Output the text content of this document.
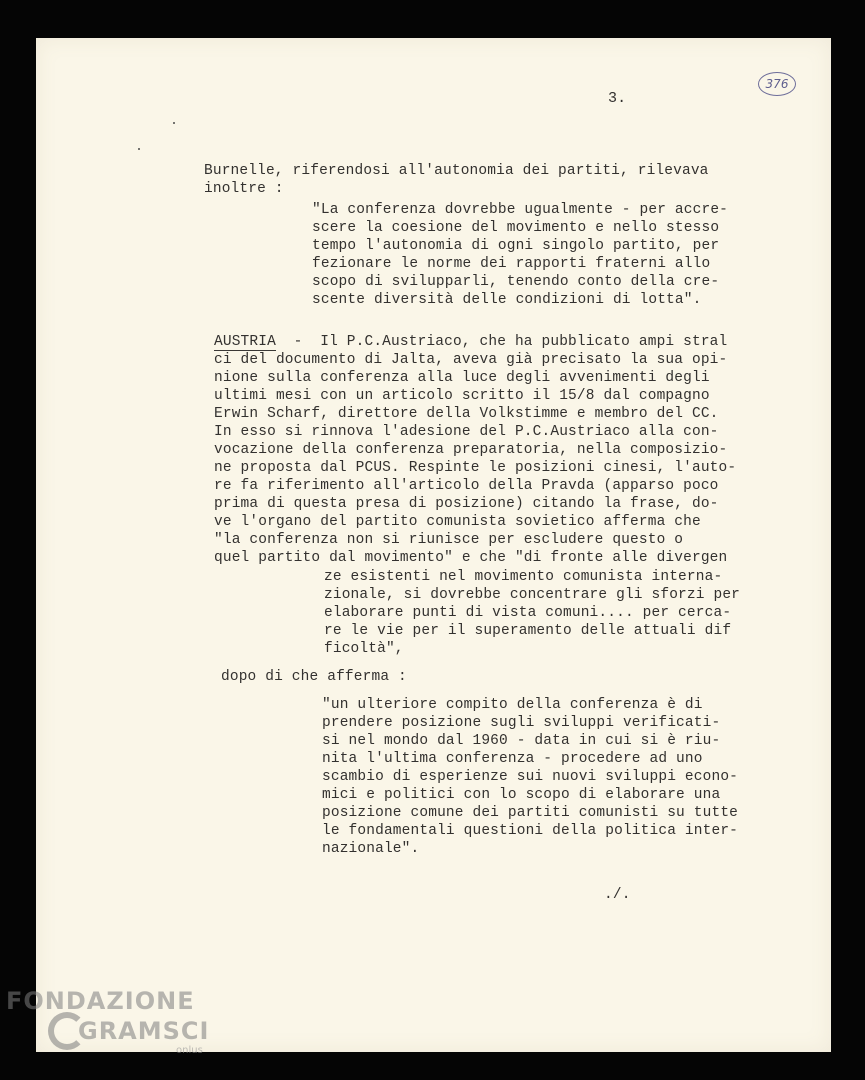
3.

376

Burnelle, riferendosi all'autonomia dei partiti, rilevava

inoltre :

"La conferenza dovrebbe ugualmente - per accre-

scere la coesione del movimento e nello stesso

tempo l'autonomia di ogni singolo partito, per

fezionare le norme dei rapporti fraterni allo

scopo di svilupparli, tenendo conto della cre-

scente diversità delle condizioni di lotta".

AUSTRIA  -  Il P.C.Austriaco, che ha pubblicato ampi stral

ci del documento di Jalta, aveva già precisato la sua opi-

nione sulla conferenza alla luce degli avvenimenti degli

ultimi mesi con un articolo scritto il 15/8 dal compagno

Erwin Scharf, direttore della Volkstimme e membro del CC.

In esso si rinnova l'adesione del P.C.Austriaco alla con-

vocazione della conferenza preparatoria, nella composizio-

ne proposta dal PCUS. Respinte le posizioni cinesi, l'auto-

re fa riferimento all'articolo della Pravda (apparso poco

prima di questa presa di posizione) citando la frase, do-

ve l'organo del partito comunista sovietico afferma che

"la conferenza non si riunisce per escludere questo o

quel partito dal movimento" e che "di fronte alle divergen

ze esistenti nel movimento comunista interna-

zionale, si dovrebbe concentrare gli sforzi per

elaborare punti di vista comuni.... per cerca-

re le vie per il superamento delle attuali dif

ficoltà",

dopo di che afferma :

"un ulteriore compito della conferenza è di

prendere posizione sugli sviluppi verificati-

si nel mondo dal 1960 - data in cui si è riu-

nita l'ultima conferenza - procedere ad uno

scambio di esperienze sui nuovi sviluppi econo-

mici e politici con lo scopo di elaborare una

posizione comune dei partiti comunisti su tutte

le fondamentali questioni della politica inter-

nazionale".

./.

FONDAZIONE
GRAMSCI
onlus
